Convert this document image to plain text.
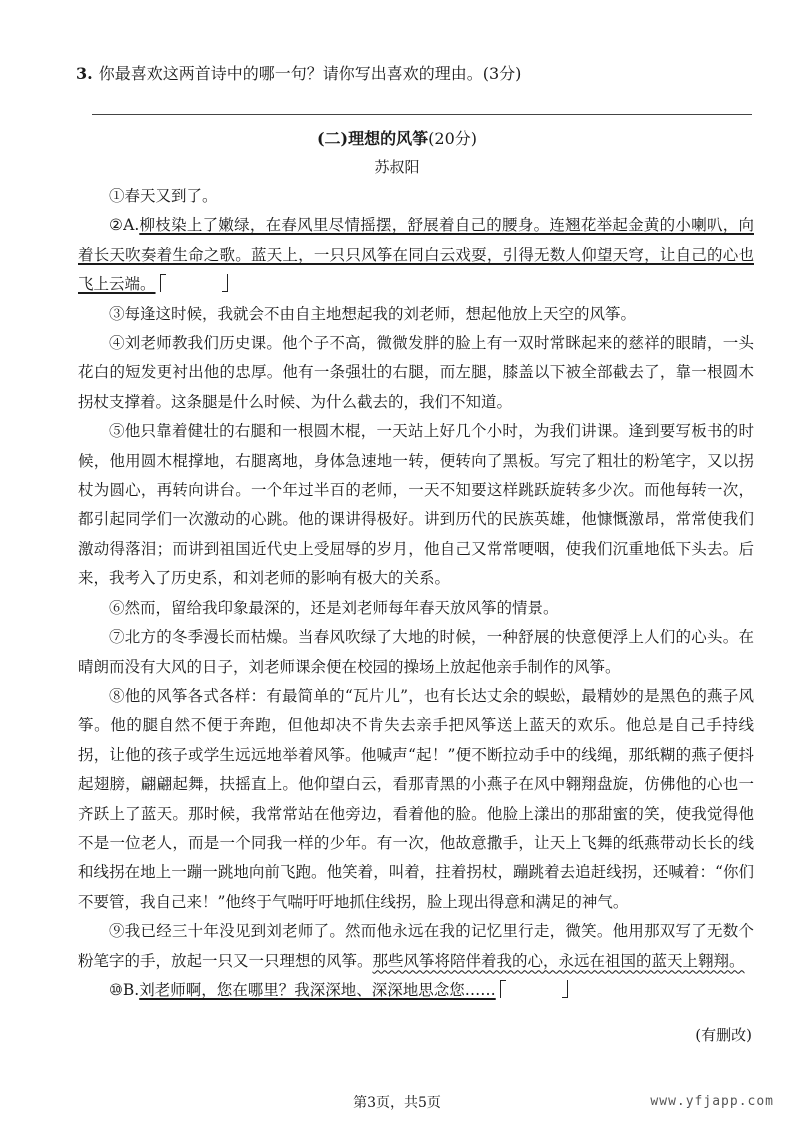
3. 你最喜欢这两首诗中的哪一句？请你写出喜欢的理由。(3分)
(二)理想的风筝(20分)
苏叔阳

①春天又到了。

②A.柳枝染上了嫩绿，在春风里尽情摇摆，舒展着自己的腰身。连翘花举起金黄的小喇叭，向着长天吹奏着生命之歌。蓝天上，一只只风筝在同白云戏耍，引得无数人仰望天穹，让自己的心也飞上云端。

③每逢这时候，我就会不由自主地想起我的刘老师，想起他放上天空的风筝。

④刘老师教我们历史课。他个子不高，微微发胖的脸上有一双时常眯起来的慈祥的眼睛，一头花白的短发更衬出他的忠厚。他有一条强壮的右腿，而左腿，膝盖以下被全部截去了，靠一根圆木拐杖支撑着。这条腿是什么时候、为什么截去的，我们不知道。

⑤他只靠着健壮的右腿和一根圆木棍，一天站上好几个小时，为我们讲课。逢到要写板书的时候，他用圆木棍撑地，右腿离地，身体急速地一转，便转向了黑板。写完了粗壮的粉笔字，又以拐杖为圆心，再转向讲台。一个年过半百的老师，一天不知要这样跳跃旋转多少次。而他每转一次，都引起同学们一次激动的心跳。他的课讲得极好。讲到历代的民族英雄，他慷慨激昂，常常使我们激动得落泪；而讲到祖国近代史上受屈辱的岁月，他自己又常常哽咽，使我们沉重地低下头去。后来，我考入了历史系，和刘老师的影响有极大的关系。

⑥然而，留给我印象最深的，还是刘老师每年春天放风筝的情景。

⑦北方的冬季漫长而枯燥。当春风吹绿了大地的时候，一种舒展的快意便浮上人们的心头。在晴朗而没有大风的日子，刘老师课余便在校园的操场上放起他亲手制作的风筝。

⑧他的风筝各式各样：有最简单的“瓦片儿”，也有长达丈余的蜈蚣，最精妙的是黑色的燕子风筝。他的腿自然不便于奔跑，但他却决不肯失去亲手把风筝送上蓝天的欢乐。他总是自己手持线拐，让他的孩子或学生远远地举着风筝。他喊声“起！”便不断拉动手中的线绳，那纸糊的燕子便抖起翅膀，翩翩起舞，扶摇直上。他仰望白云，看那青黑的小燕子在风中翱翔盘旋，仿佛他的心也一齐跃上了蓝天。那时候，我常常站在他旁边，看着他的脸。他脸上漾出的那甜蜜的笑，使我觉得他不是一位老人，而是一个同我一样的少年。有一次，他故意撒手，让天上飞舞的纸燕带动长长的线和线拐在地上一蹦一跳地向前飞跑。他笑着，叫着，拄着拐杖，蹦跳着去追赶线拐，还喊着：“你们不要管，我自己来！”他终于气喘吁吁地抓住线拐，脸上现出得意和满足的神气。

⑨我已经三十年没见到刘老师了。然而他永远在我的记忆里行走，微笑。他用那双写了无数个粉笔字的手，放起一只又一只理想的风筝。那些风筝将陪伴着我的心，永远在祖国的蓝天上翱翔。

⑩B.刘老师啊，您在哪里？我深深地、深深地思念您……

(有删改)
第3页，共5页	www.yfjapp.com
